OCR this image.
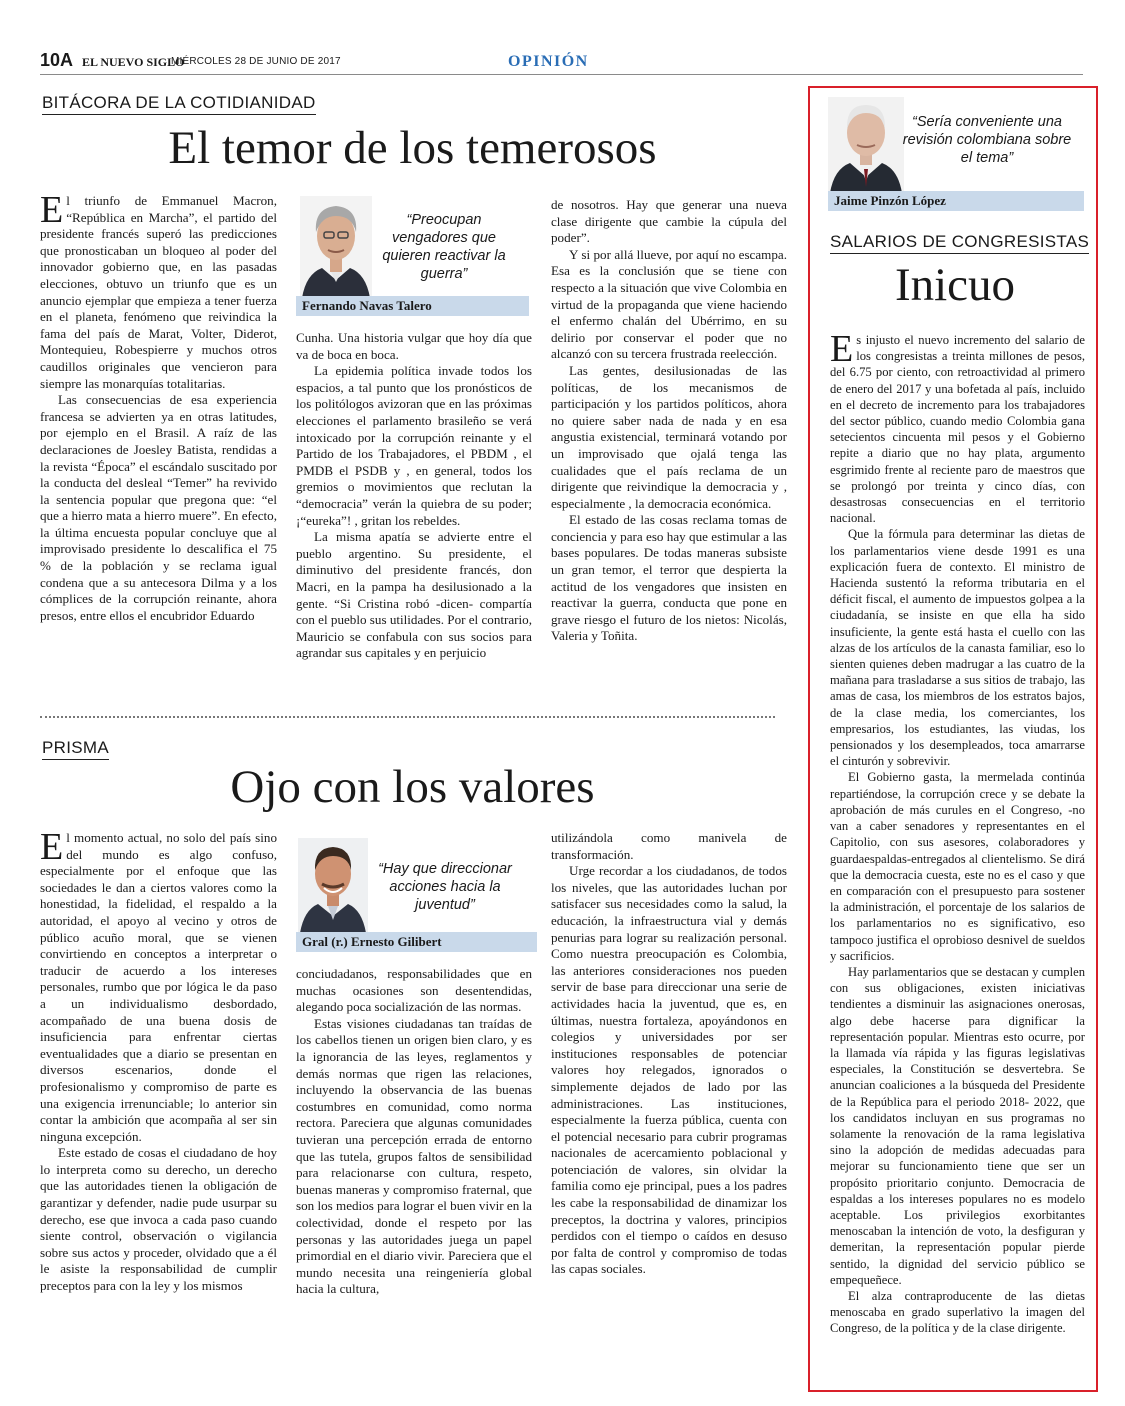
10A EL NUEVO SIGLO
MIÉRCOLES 28 DE JUNIO DE 2017	OPINIÓN
BITÁCORA DE LA COTIDIANIDAD
El temor de los temerosos
“Preocupan vengadores que quieren reactivar la guerra”
Fernando Navas Talero
E l triunfo de Emmanuel Macron, “República en Marcha”, el partido del presidente francés superó las predicciones que pronosticaban un bloqueo al poder del innovador gobierno que, en las pasadas elecciones, obtuvo un triunfo que es un anuncio ejemplar que empieza a tener fuerza en el planeta, fenómeno que reivindica la fama del país de Marat, Volter, Diderot, Montequieu, Robespierre y muchos otros caudillos originales que vencieron para siempre las monarquías totalitarias.

Las consecuencias de esa experiencia francesa se advierten ya en otras latitudes, por ejemplo en el Brasil. A raíz de las declaraciones de Joesley Batista, rendidas a la revista “Época” el escándalo suscitado por la conducta del desleal “Temer” ha revivido la sentencia popular que pregona que: “el que a hierro mata a hierro muere”. En efecto, la última encuesta popular concluye que al improvisado presidente lo descalifica el 75 % de la población y se reclama igual condena que a su antecesora Dilma y a los cómplices de la corrupción reinante, ahora presos, entre ellos el encubridor Eduardo

Cunha. Una historia vulgar que hoy día que va de boca en boca.

La epidemia política invade todos los espacios, a tal punto que los pronósticos de los politólogos avizoran que en las próximas elecciones el parlamento brasileño se verá intoxicado por la corrupción reinante y el Partido de los Trabajadores, el PBDM , el PMDB el PSDB y , en general, todos los gremios o movimientos que reclutan la “democracia” verán la quiebra de su poder; ¡“eureka”! , gritan los rebeldes.

La misma apatía se advierte entre el pueblo argentino. Su presidente, el diminutivo del presidente francés, don Macri, en la pampa ha desilusionado a la gente. “Si Cristina robó -dicen- compartía con el pueblo sus utilidades. Por el contrario, Mauricio se confabula con sus socios para agrandar sus capitales y en perjuicio

de nosotros. Hay que generar una nueva clase dirigente que cambie la cúpula del poder”.

Y si por allá llueve, por aquí no escampa. Esa es la conclusión que se tiene con respecto a la situación que vive Colombia en virtud de la propaganda que viene haciendo el enfermo chalán del Ubérrimo, en su delirio por conservar el poder que no alcanzó con su tercera frustrada reelección.

Las gentes, desilusionadas de las políticas, de los mecanismos de participación y los partidos políticos, ahora no quiere saber nada de nada y en esa angustia existencial, terminará votando por un improvisado que ojalá tenga las cualidades que el país reclama de un dirigente que reivindique la democracia y , especialmente , la democracia económica.

El estado de las cosas reclama tomas de conciencia y para eso hay que estimular a las bases populares. De todas maneras subsiste un gran temor, el terror que despierta la actitud de los vengadores que insisten en reactivar la guerra, conducta que pone en grave riesgo el futuro de los nietos: Nicolás, Valeria y Toñita.

PRISMA
Ojo con los valores
“Hay que direccionar acciones hacia la juventud”
Gral (r.) Ernesto Gilibert
E l momento actual, no solo del país sino del mundo es algo confuso, especialmente por el enfoque que las sociedades le dan a ciertos valores como la honestidad, la fidelidad, el respaldo a la autoridad, el apoyo al vecino y otros de público acuño moral, que se vienen convirtiendo en conceptos a interpretar o traducir de acuerdo a los intereses personales, rumbo que por lógica le da paso a un individualismo desbordado, acompañado de una buena dosis de insuficiencia para enfrentar ciertas eventualidades que a diario se presentan en diversos escenarios, donde el profesionalismo y compromiso de parte es una exigencia irrenunciable; lo anterior sin contar la ambición que acompaña al ser sin ninguna excepción.

Este estado de cosas el ciudadano de hoy lo interpreta como su derecho, un derecho que las autoridades tienen la obligación de garantizar y defender, nadie pude usurpar su derecho, ese que invoca a cada paso cuando siente control, observación o vigilancia sobre sus actos y proceder, olvidado que a él le asiste la responsabilidad de cumplir preceptos para con la ley y los mismos

conciudadanos, responsabilidades que en muchas ocasiones son desentendidas, alegando poca socialización de las normas.

Estas visiones ciudadanas tan traídas de los cabellos tienen un origen bien claro, y es la ignorancia de las leyes, reglamentos y demás normas que rigen las relaciones, incluyendo la observancia de las buenas costumbres en comunidad, como norma rectora. Pareciera que algunas comunidades tuvieran una percepción errada de entorno que las tutela, grupos faltos de sensibilidad para relacionarse con cultura, respeto, buenas maneras y compromiso fraternal, que son los medios para lograr el buen vivir en la colectividad, donde el respeto por las personas y las autoridades juega un papel primordial en el diario vivir. Pareciera que el mundo necesita una reingeniería global hacia la cultura,

utilizándola como manivela de transformación.

Urge recordar a los ciudadanos, de todos los niveles, que las autoridades luchan por satisfacer sus necesidades como la salud, la educación, la infraestructura vial y demás penurias para lograr su realización personal. Como nuestra preocupación es Colombia, las anteriores consideraciones nos pueden servir de base para direccionar una serie de actividades hacia la juventud, que es, en últimas, nuestra fortaleza, apoyándonos en colegios y universidades por ser instituciones responsables de potenciar valores hoy relegados, ignorados o simplemente dejados de lado por las administraciones. Las instituciones, especialmente la fuerza pública, cuenta con el potencial necesario para cubrir programas nacionales de acercamiento poblacional y potenciación de valores, sin olvidar la familia como eje principal, pues a los padres les cabe la responsabilidad de dinamizar los preceptos, la doctrina y valores, principios perdidos con el tiempo o caídos en desuso por falta de control y compromiso de todas las capas sociales.

“Sería conveniente una revisión colombiana sobre el tema”
Jaime Pinzón López
SALARIOS DE CONGRESISTAS
Inicuo
E s injusto el nuevo incremento del salario de los congresistas a treinta millones de pesos, del 6.75 por ciento, con retroactividad al primero de enero del 2017 y una bofetada al país, incluido en el decreto de incremento para los trabajadores del sector público, cuando medio Colombia gana setecientos cincuenta mil pesos y el Gobierno repite a diario que no hay plata, argumento esgrimido frente al reciente paro de maestros que se prolongó por treinta y cinco días, con desastrosas consecuencias en el territorio nacional.

Que la fórmula para determinar las dietas de los parlamentarios viene desde 1991 es una explicación fuera de contexto. El ministro de Hacienda sustentó la reforma tributaria en el déficit fiscal, el aumento de impuestos golpea a la ciudadanía, se insiste en que ella ha sido insuficiente, la gente está hasta el cuello con las alzas de los artículos de la canasta familiar, eso lo sienten quienes deben madrugar a las cuatro de la mañana para trasladarse a sus sitios de trabajo, las amas de casa, los miembros de los estratos bajos, de la clase media, los comerciantes, los empresarios, los estudiantes, las viudas, los pensionados y los desempleados, toca amarrarse el cinturón y sobrevivir.

El Gobierno gasta, la mermelada continúa repartiéndose, la corrupción crece y se debate la aprobación de más curules en el Congreso, -no van a caber senadores y representantes en el Capitolio, con sus asesores, colaboradores y guardaespaldas-entregados al clientelismo. Se dirá que la democracia cuesta, este no es el caso y que en comparación con el presupuesto para sostener la administración, el porcentaje de los salarios de los parlamentarios no es significativo, eso tampoco justifica el oprobioso desnivel de sueldos y sacrificios.

Hay parlamentarios que se destacan y cumplen con sus obligaciones, existen iniciativas tendientes a disminuir las asignaciones onerosas, algo debe hacerse para dignificar la representación popular. Mientras esto ocurre, por la llamada vía rápida y las figuras legislativas especiales, la Constitución se desvertebra. Se anuncian coaliciones a la búsqueda del Presidente de la República para el periodo 2018- 2022, que los candidatos incluyan en sus programas no solamente la renovación de la rama legislativa sino la adopción de medidas adecuadas para mejorar su funcionamiento tiene que ser un propósito prioritario conjunto. Democracia de espaldas a los intereses populares no es modelo aceptable. Los privilegios exorbitantes menoscaban la intención de voto, la desfiguran y demeritan, la representación popular pierde sentido, la dignidad del servicio público se empequeñece.

El alza contraproducente de las dietas menoscaba en grado superlativo la imagen del Congreso, de la política y de la clase dirigente.
